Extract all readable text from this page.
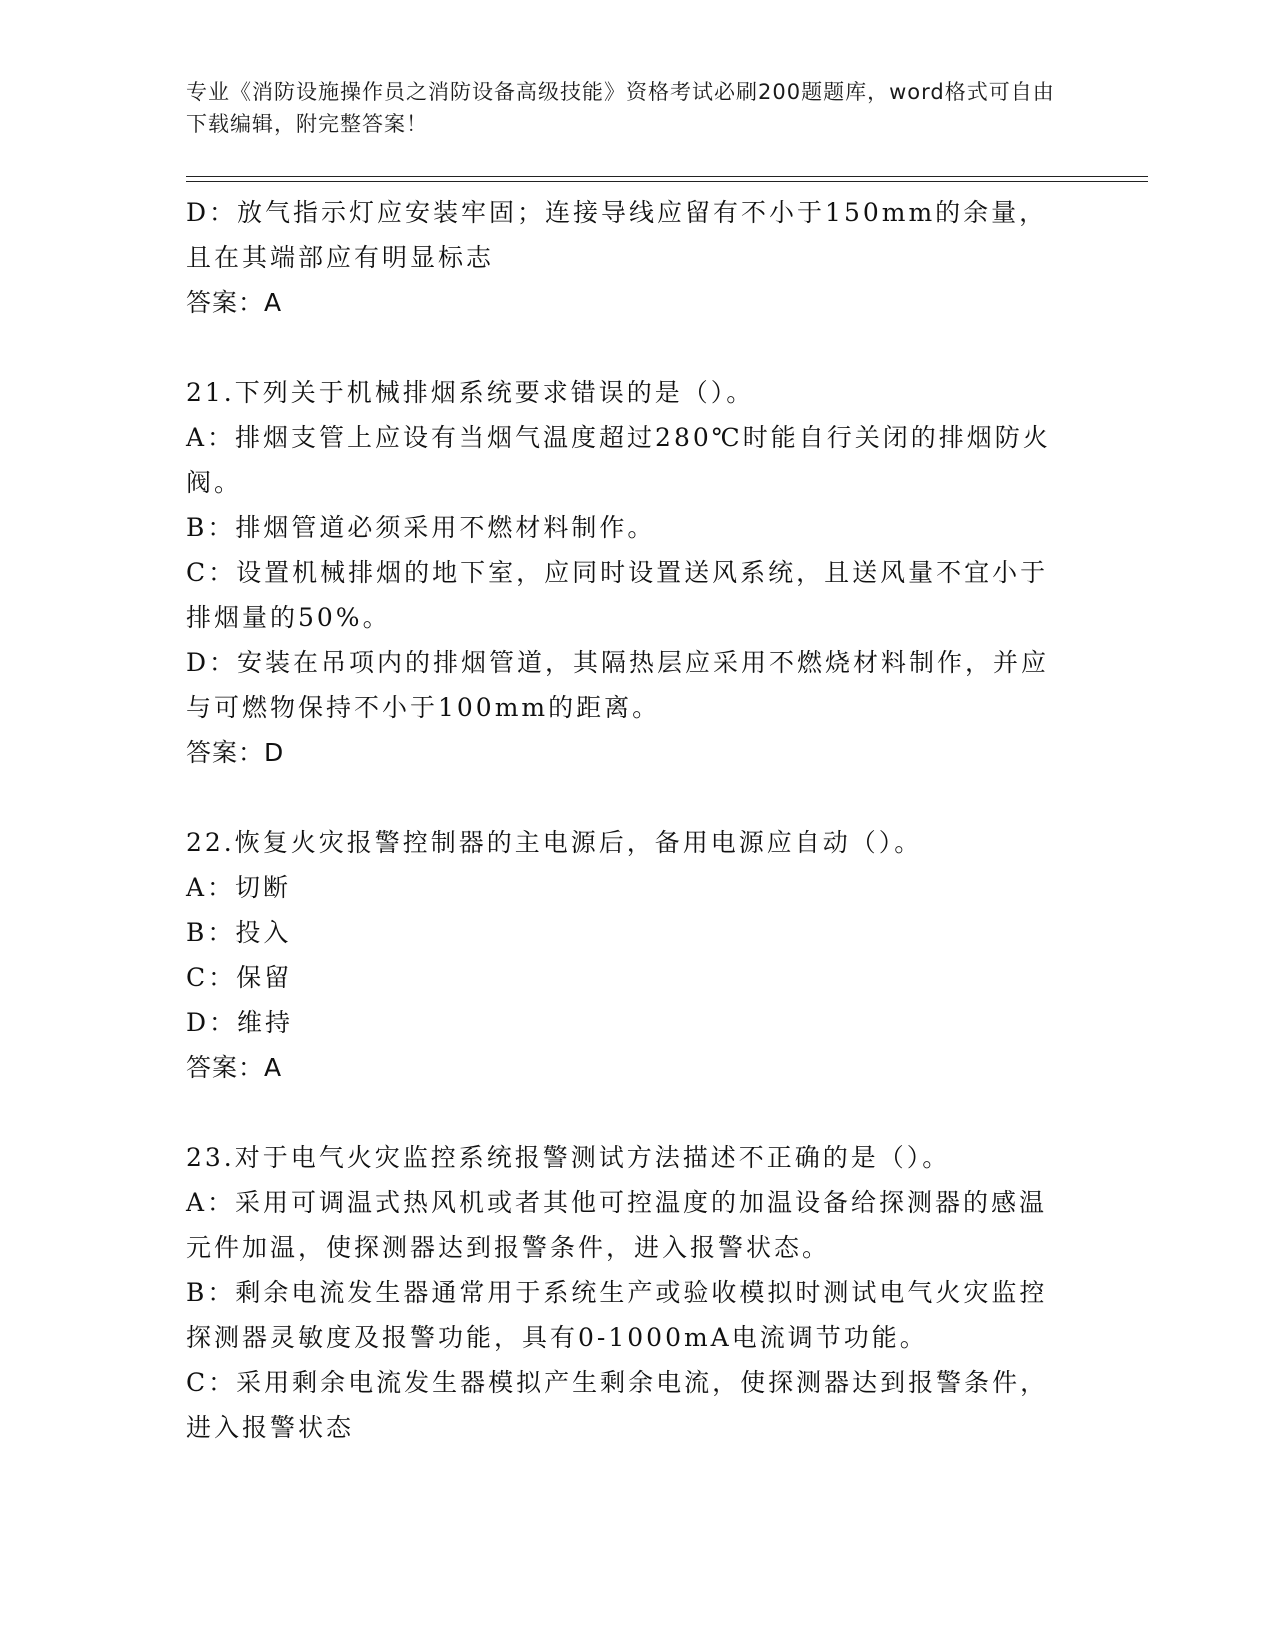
专业《消防设施操作员之消防设备高级技能》资格考试必刷200题题库，word格式可自由下载编辑，附完整答案！
D：放气指示灯应安装牢固；连接导线应留有不小于150mm的余量，且在其端部应有明显标志
答案：A
21.下列关于机械排烟系统要求错误的是（）。
A：排烟支管上应设有当烟气温度超过280℃时能自行关闭的排烟防火阀。
B：排烟管道必须采用不燃材料制作。
C：设置机械排烟的地下室，应同时设置送风系统，且送风量不宜小于排烟量的50%。
D：安装在吊项内的排烟管道，其隔热层应采用不燃烧材料制作，并应与可燃物保持不小于100mm的距离。
答案：D
22.恢复火灾报警控制器的主电源后，备用电源应自动（）。
A：切断
B：投入
C：保留
D：维持
答案：A
23.对于电气火灾监控系统报警测试方法描述不正确的是（）。
A：采用可调温式热风机或者其他可控温度的加温设备给探测器的感温元件加温，使探测器达到报警条件，进入报警状态。
B：剩余电流发生器通常用于系统生产或验收模拟时测试电气火灾监控探测器灵敏度及报警功能，具有0-1000mA电流调节功能。
C：采用剩余电流发生器模拟产生剩余电流，使探测器达到报警条件，进入报警状态
